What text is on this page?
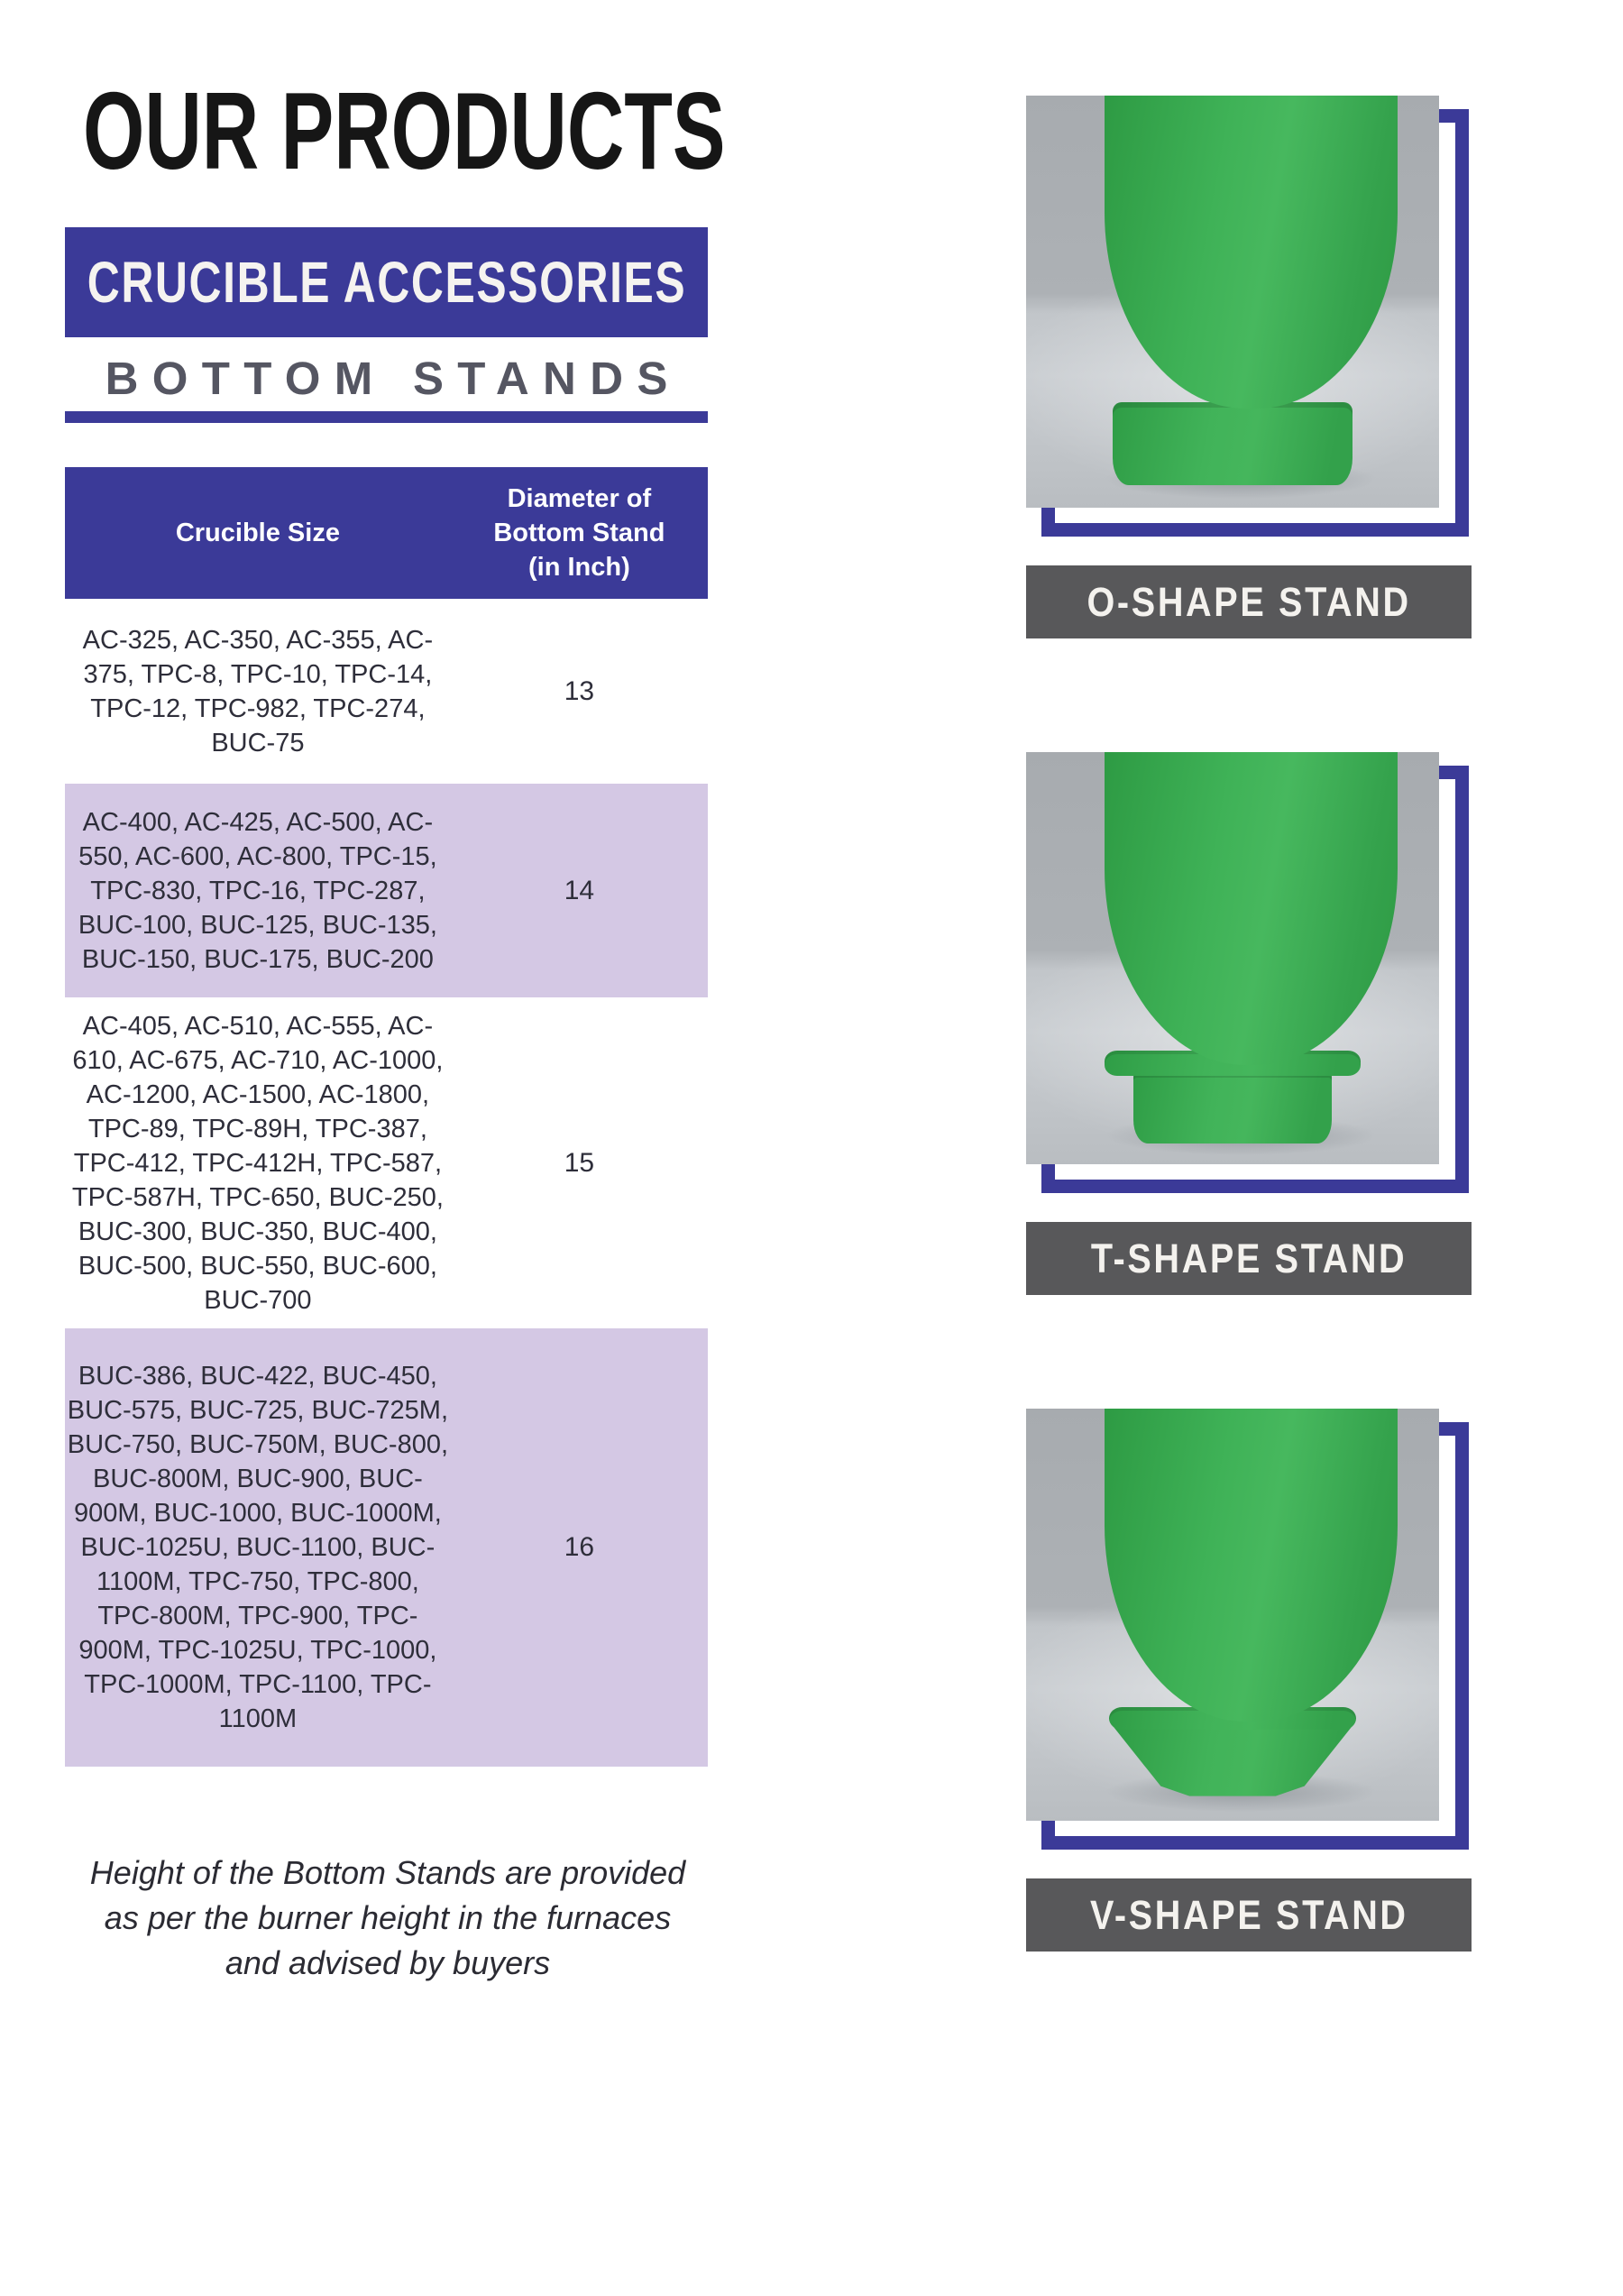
OUR PRODUCTS
CRUCIBLE ACCESSORIES
BOTTOM STANDS
Crucible Size
Diameter of Bottom Stand (in Inch)
AC-325, AC-350, AC-355, AC-375, TPC-8, TPC-10, TPC-14, TPC-12, TPC-982, TPC-274, BUC-75
13
AC-400, AC-425, AC-500, AC-550, AC-600, AC-800, TPC-15, TPC-830, TPC-16, TPC-287, BUC-100, BUC-125, BUC-135, BUC-150, BUC-175, BUC-200
14
AC-405, AC-510, AC-555, AC-610, AC-675, AC-710, AC-1000, AC-1200, AC-1500, AC-1800, TPC-89, TPC-89H, TPC-387, TPC-412, TPC-412H, TPC-587, TPC-587H, TPC-650, BUC-250, BUC-300, BUC-350, BUC-400, BUC-500, BUC-550, BUC-600, BUC-700
15
BUC-386, BUC-422, BUC-450, BUC-575, BUC-725, BUC-725M, BUC-750, BUC-750M, BUC-800, BUC-800M, BUC-900, BUC-900M, BUC-1000, BUC-1000M, BUC-1025U, BUC-1100, BUC-1100M, TPC-750, TPC-800, TPC-800M, TPC-900, TPC-900M, TPC-1025U, TPC-1000, TPC-1000M, TPC-1100, TPC-1100M
16
Height of the Bottom Stands are provided as per the burner height in the furnaces and advised by buyers
O-SHAPE STAND
T-SHAPE STAND
V-SHAPE STAND
